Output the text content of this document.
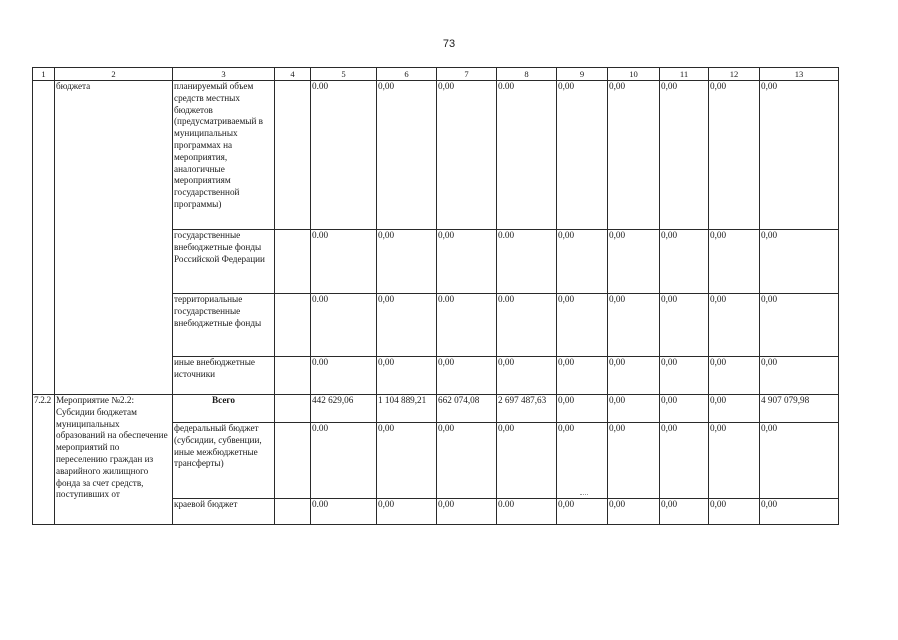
73
1	2	3	4	5	6	7	8	9	10	11	12	13
	бюджета	планируемый объем средств местных бюджетов (предусматриваемый в муниципальных программах на мероприятия, аналогичные мероприятиям государственной программы)		0.00	0,00	0,00	0.00	0,00	0,00	0,00	0,00	0,00
		государственные внебюджетные фонды Российской Федерации		0.00	0,00	0,00	0.00	0,00	0,00	0,00	0,00	0,00
		территориальные государственные внебюджетные фонды		0.00	0,00	0.00	0.00	0,00	0,00	0,00	0,00	0,00
		иные внебюджетные источники		0.00	0,00	0,00	0,00	0,00	0,00	0,00	0,00	0,00
7.2.2	Мероприятие №2.2: Субсидии бюджетам муниципальных образований на обеспечение мероприятий по переселению граждан из аварийного жилищного фонда за счет средств, поступивших от	Всего		442 629,06	1 104 889,21	662 074,08	2 697 487,63	0,00	0,00	0,00	0,00	4 907 079,98
		федеральный бюджет (субсидии, субвенции, иные межбюджетные трансферты)		0.00	0,00	0,00	0,00	0,00	0,00	0,00	0,00	0,00
		краевой бюджет		0.00	0,00	0,00	0.00	0,00	0,00	0,00	0,00	0,00
